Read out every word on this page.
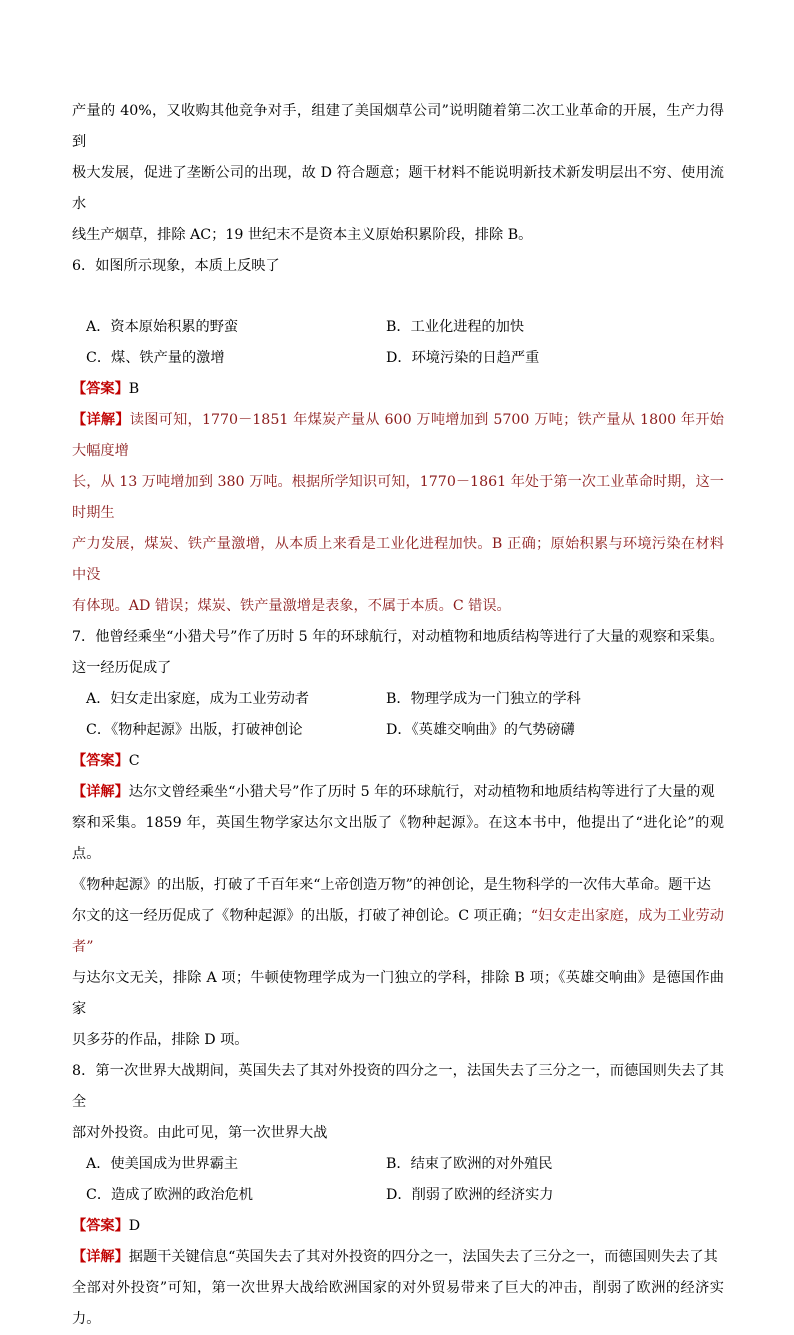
产量的 40%，又收购其他竞争对手，组建了美国烟草公司”说明随着第二次工业革命的开展，生产力得到

极大发展，促进了垄断公司的出现，故 D 符合题意；题干材料不能说明新技术新发明层出不穷、使用流水

线生产烟草，排除 AC；19 世纪末不是资本主义原始积累阶段，排除 B。

6．如图所示现象，本质上反映了

A．资本原始积累的野蛮	B．工业化进程的加快

C．煤、铁产量的激增	D．环境污染的日趋严重

【答案】B

【详解】读图可知，1770－1851 年煤炭产量从 600 万吨增加到 5700 万吨；铁产量从 1800 年开始大幅度增

长，从 13 万吨增加到 380 万吨。根据所学知识可知，1770－1861 年处于第一次工业革命时期，这一时期生

产力发展，煤炭、铁产量激增，从本质上来看是工业化进程加快。B 正确；原始积累与环境污染在材料中没

有体现。AD 错误；煤炭、铁产量激增是表象，不属于本质。C 错误。

7．他曾经乘坐“小猎犬号”作了历时 5 年的环球航行，对动植物和地质结构等进行了大量的观察和采集。

这一经历促成了

A．妇女走出家庭，成为工业劳动者	B．物理学成为一门独立的学科

C．《物种起源》出版，打破神创论	D．《英雄交响曲》的气势磅礴

【答案】C

【详解】达尔文曾经乘坐“小猎犬号”作了历时 5 年的环球航行，对动植物和地质结构等进行了大量的观

察和采集。1859 年，英国生物学家达尔文出版了《物种起源》。在这本书中，他提出了“进化论”的观点。

《物种起源》的出版，打破了千百年来“上帝创造万物”的神创论，是生物科学的一次伟大革命。题干达

尔文的这一经历促成了《物种起源》的出版，打破了神创论。C 项正确；“妇女走出家庭，成为工业劳动者”

与达尔文无关，排除 A 项；牛顿使物理学成为一门独立的学科，排除 B 项；《英雄交响曲》是德国作曲家

贝多芬的作品，排除 D 项。

8．第一次世界大战期间，英国失去了其对外投资的四分之一，法国失去了三分之一，而德国则失去了其全

部对外投资。由此可见，第一次世界大战

A．使美国成为世界霸主	B．结束了欧洲的对外殖民

C．造成了欧洲的政治危机	D．削弱了欧洲的经济实力

【答案】D

【详解】据题干关键信息“英国失去了其对外投资的四分之一，法国失去了三分之一，而德国则失去了其

全部对外投资”可知，第一次世界大战给欧洲国家的对外贸易带来了巨大的冲击，削弱了欧洲的经济实力。
